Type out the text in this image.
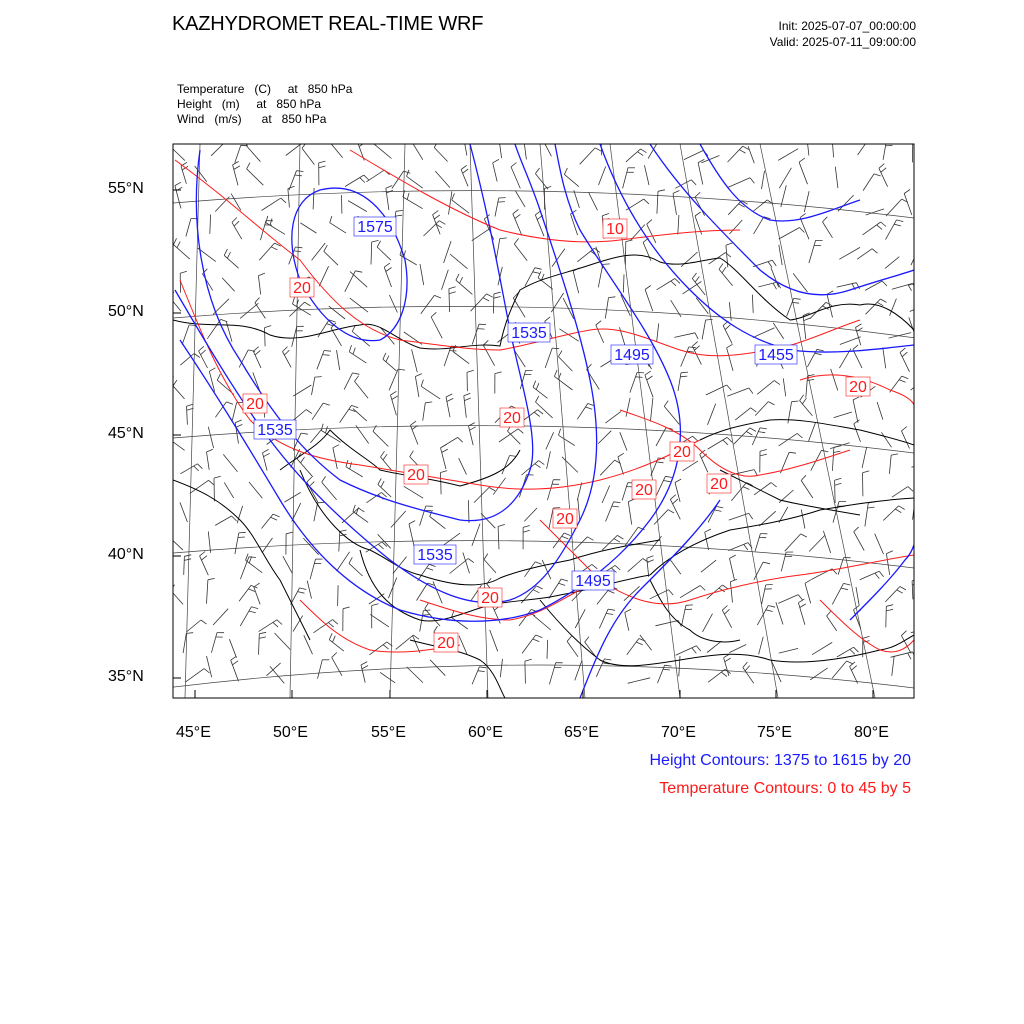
KAZHYDROMET REAL-TIME WRF	Init: 2025-07-07_00:00:00
Valid: 2025-07-11_09:00:00
Temperature   (C)     at   850 hPa
Height   (m)     at   850 hPa
Wind   (m/s)      at   850 hPa
1575
1535
1495	1455
1535
1535
1495
10
20
20
20
20
20
20
20
20
20
20
20
55°N
50°N
45°N
40°N
35°N
45°E	50°E	55°E	60°E	65°E	70°E	75°E	80°E
Height Contours: 1375 to 1615 by 20
Temperature Contours: 0 to 45 by 5
